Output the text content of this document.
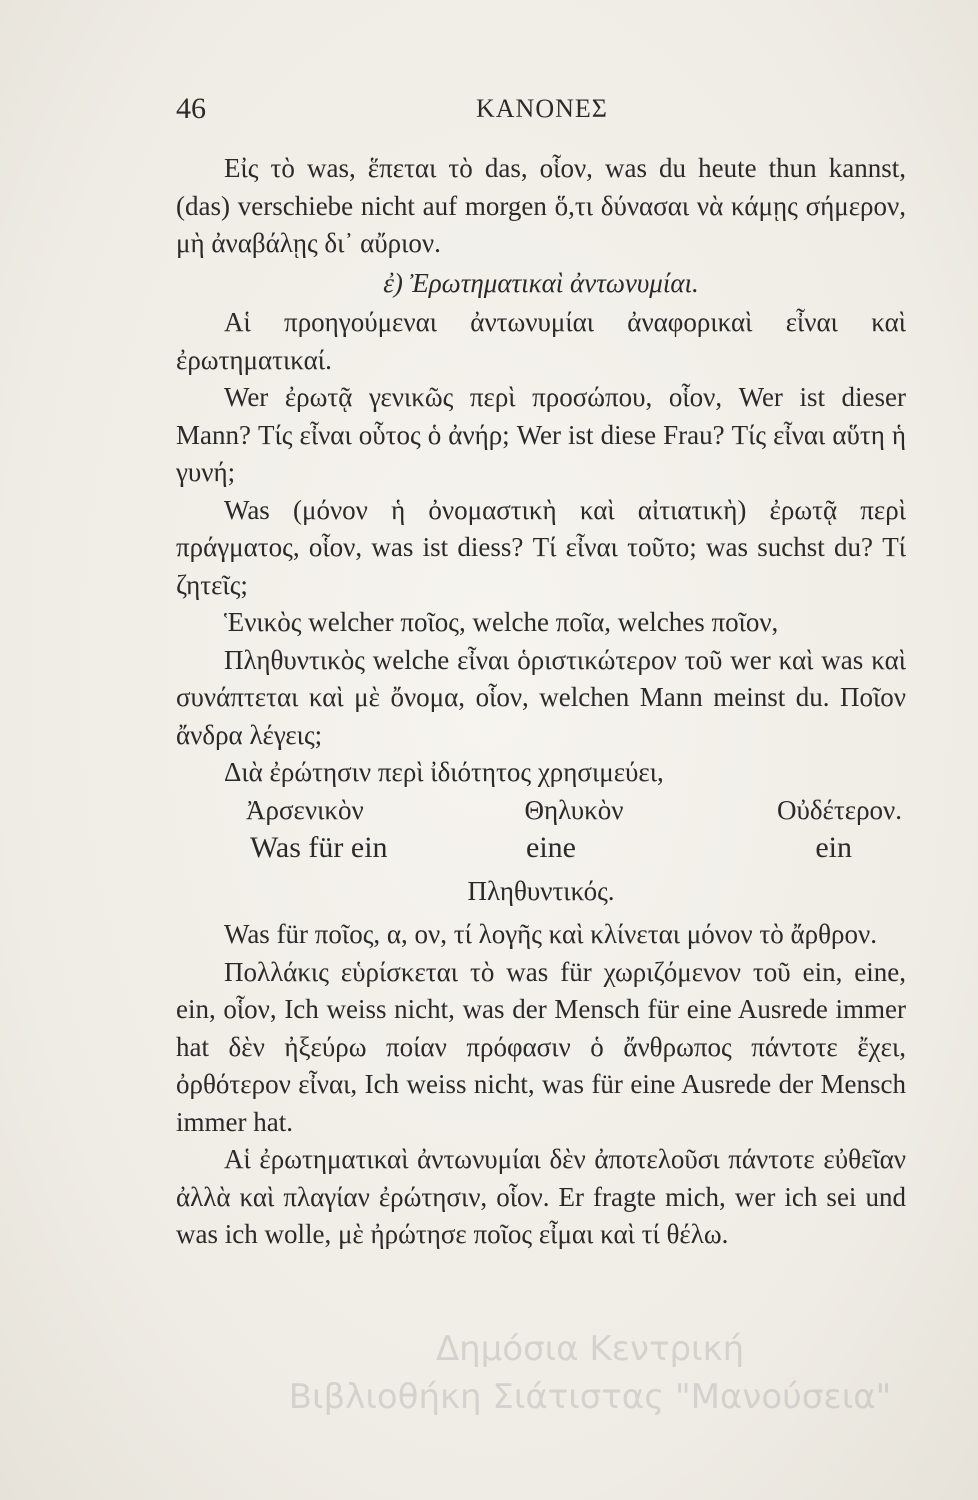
46	ΚΑΝΟΝΕΣ

Εἰς τὸ was, ἕπεται τὸ das, οἷον, was du heute thun kannst, (das) verschiebe nicht auf morgen ὅ,τι δύνασαι νὰ κάμῃς σήμερον, μὴ ἀναβάλῃς δι᾽ αὔριον.

ἐ) Ἐρωτηματικαὶ ἀντωνυμίαι.

Αἱ προηγούμεναι ἀντωνυμίαι ἀναφορικαὶ εἶναι καὶ ἐρωτηματικαί.

Wer ἐρωτᾷ γενικῶς περὶ προσώπου, οἷον, Wer ist dieser Mann? Τίς εἶναι οὗτος ὁ ἀνήρ; Wer ist diese Frau? Τίς εἶναι αὕτη ἡ γυνή;

Was (μόνον ἡ ὀνομαστικὴ καὶ αἰτιατικὴ) ἐρωτᾷ περὶ πράγματος, οἷον, was ist diess? Τί εἶναι τοῦτο; was suchst du? Τί ζητεῖς;

Ἑνικὸς welcher ποῖος, welche ποῖα, welches ποῖον,

Πληθυντικὸς welche εἶναι ὁριστικώτερον τοῦ wer καὶ was καὶ συνάπτεται καὶ μὲ ὄνομα, οἷον, welchen Mann meinst du. Ποῖον ἄνδρα λέγεις;

Διὰ ἐρώτησιν περὶ ἰδιότητος χρησιμεύει,

Ἀρσενικὸν	Θηλυκὸν	Οὐδέτερον.
Was für ein	eine	ein

Πληθυντικός.

Was für ποῖος, α, ον, τί λογῆς καὶ κλίνεται μόνον τὸ ἄρθρον.

Πολλάκις εὑρίσκεται τὸ was für χωριζόμενον τοῦ ein, eine, ein, οἷον, Ich weiss nicht, was der Mensch für eine Ausrede immer hat δὲν ἠξεύρω ποίαν πρόφασιν ὁ ἄνθρωπος πάντοτε ἔχει, ὀρθότερον εἶναι, Ich weiss nicht, was für eine Ausrede der Mensch immer hat.

Αἱ ἐρωτηματικαὶ ἀντωνυμίαι δὲν ἀποτελοῦσι πάντοτε εὐθεῖαν ἀλλὰ καὶ πλαγίαν ἐρώτησιν, οἷον. Er fragte mich, wer ich sei und was ich wolle, μὲ ἠρώτησε ποῖος εἶμαι καὶ τί θέλω.

Δημόσια Κεντρική
Βιβλιοθήκη Σιάτιστας "Μανούσεια"
